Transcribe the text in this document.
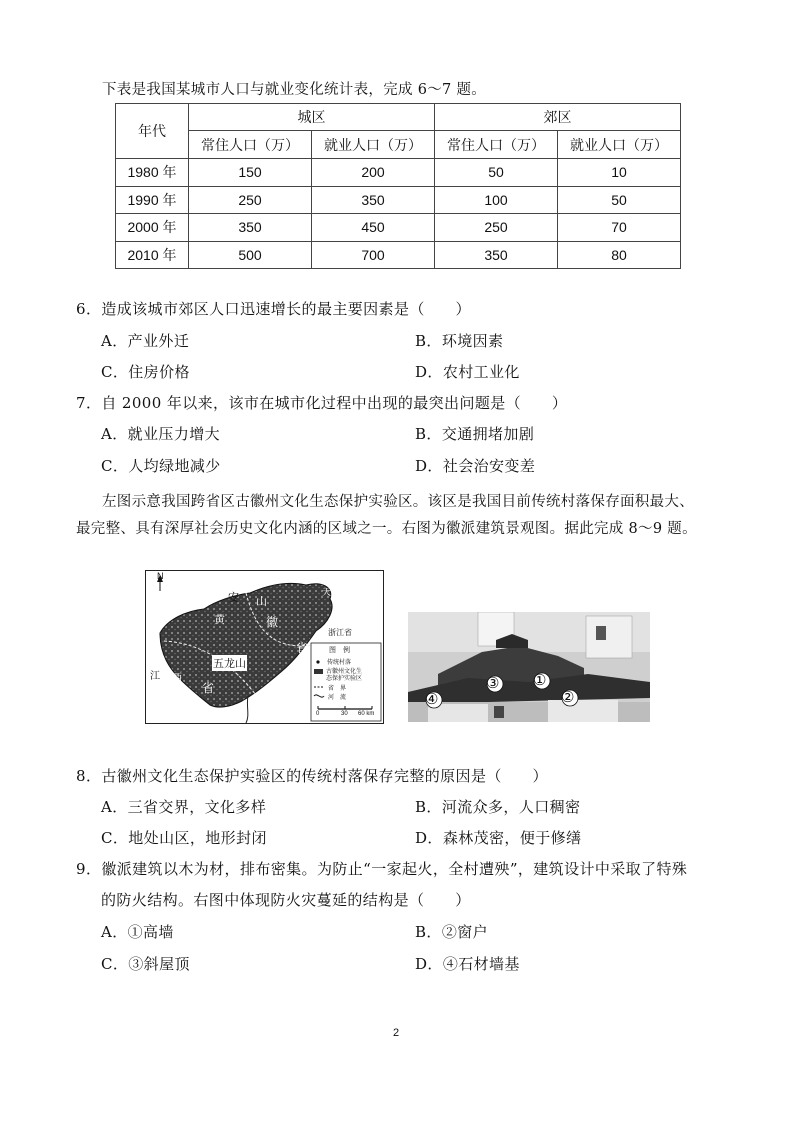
下表是我国某城市人口与就业变化统计表，完成 6～7 题。
年代	城区		郊区	
	常住人口（万）	就业人口（万）	常住人口（万）	就业人口（万）
1980 年	150	200	50	10
1990 年	250	350	100	50
2000 年	350	450	250	70
2010 年	500	700	350	80
6．造成该城市郊区人口迅速增长的最主要因素是（　　）
A．产业外迁	B．环境因素
C．住房价格	D．农村工业化
7．自 2000 年以来，该市在城市化过程中出现的最突出问题是（　　）
A．就业压力增大	B．交通拥堵加剧
C．人均绿地减少	D．社会治安变差
左图示意我国跨省区古徽州文化生态保护实验区。该区是我国目前传统村落保存面积最大、
最完整、具有深厚社会历史文化内涵的区域之一。右图为徽派建筑景观图。据此完成 8～9 题。
N
天目山
安
黄
山
徽
浙江省
省
五龙山
江 西
省
图　例
传统村落
古徽州文化生
态保护实验区
省　界
河　流
0	30 60 km
①
②
③
④
8．古徽州文化生态保护实验区的传统村落保存完整的原因是（　　）
A．三省交界，文化多样	B．河流众多，人口稠密
C．地处山区，地形封闭	D．森林茂密，便于修缮
9．徽派建筑以木为材，排布密集。为防止“一家起火，全村遭殃”，建筑设计中采取了特殊
的防火结构。右图中体现防火灾蔓延的结构是（　　）
A．①高墙	B．②窗户
C．③斜屋顶	D．④石材墙基
2
